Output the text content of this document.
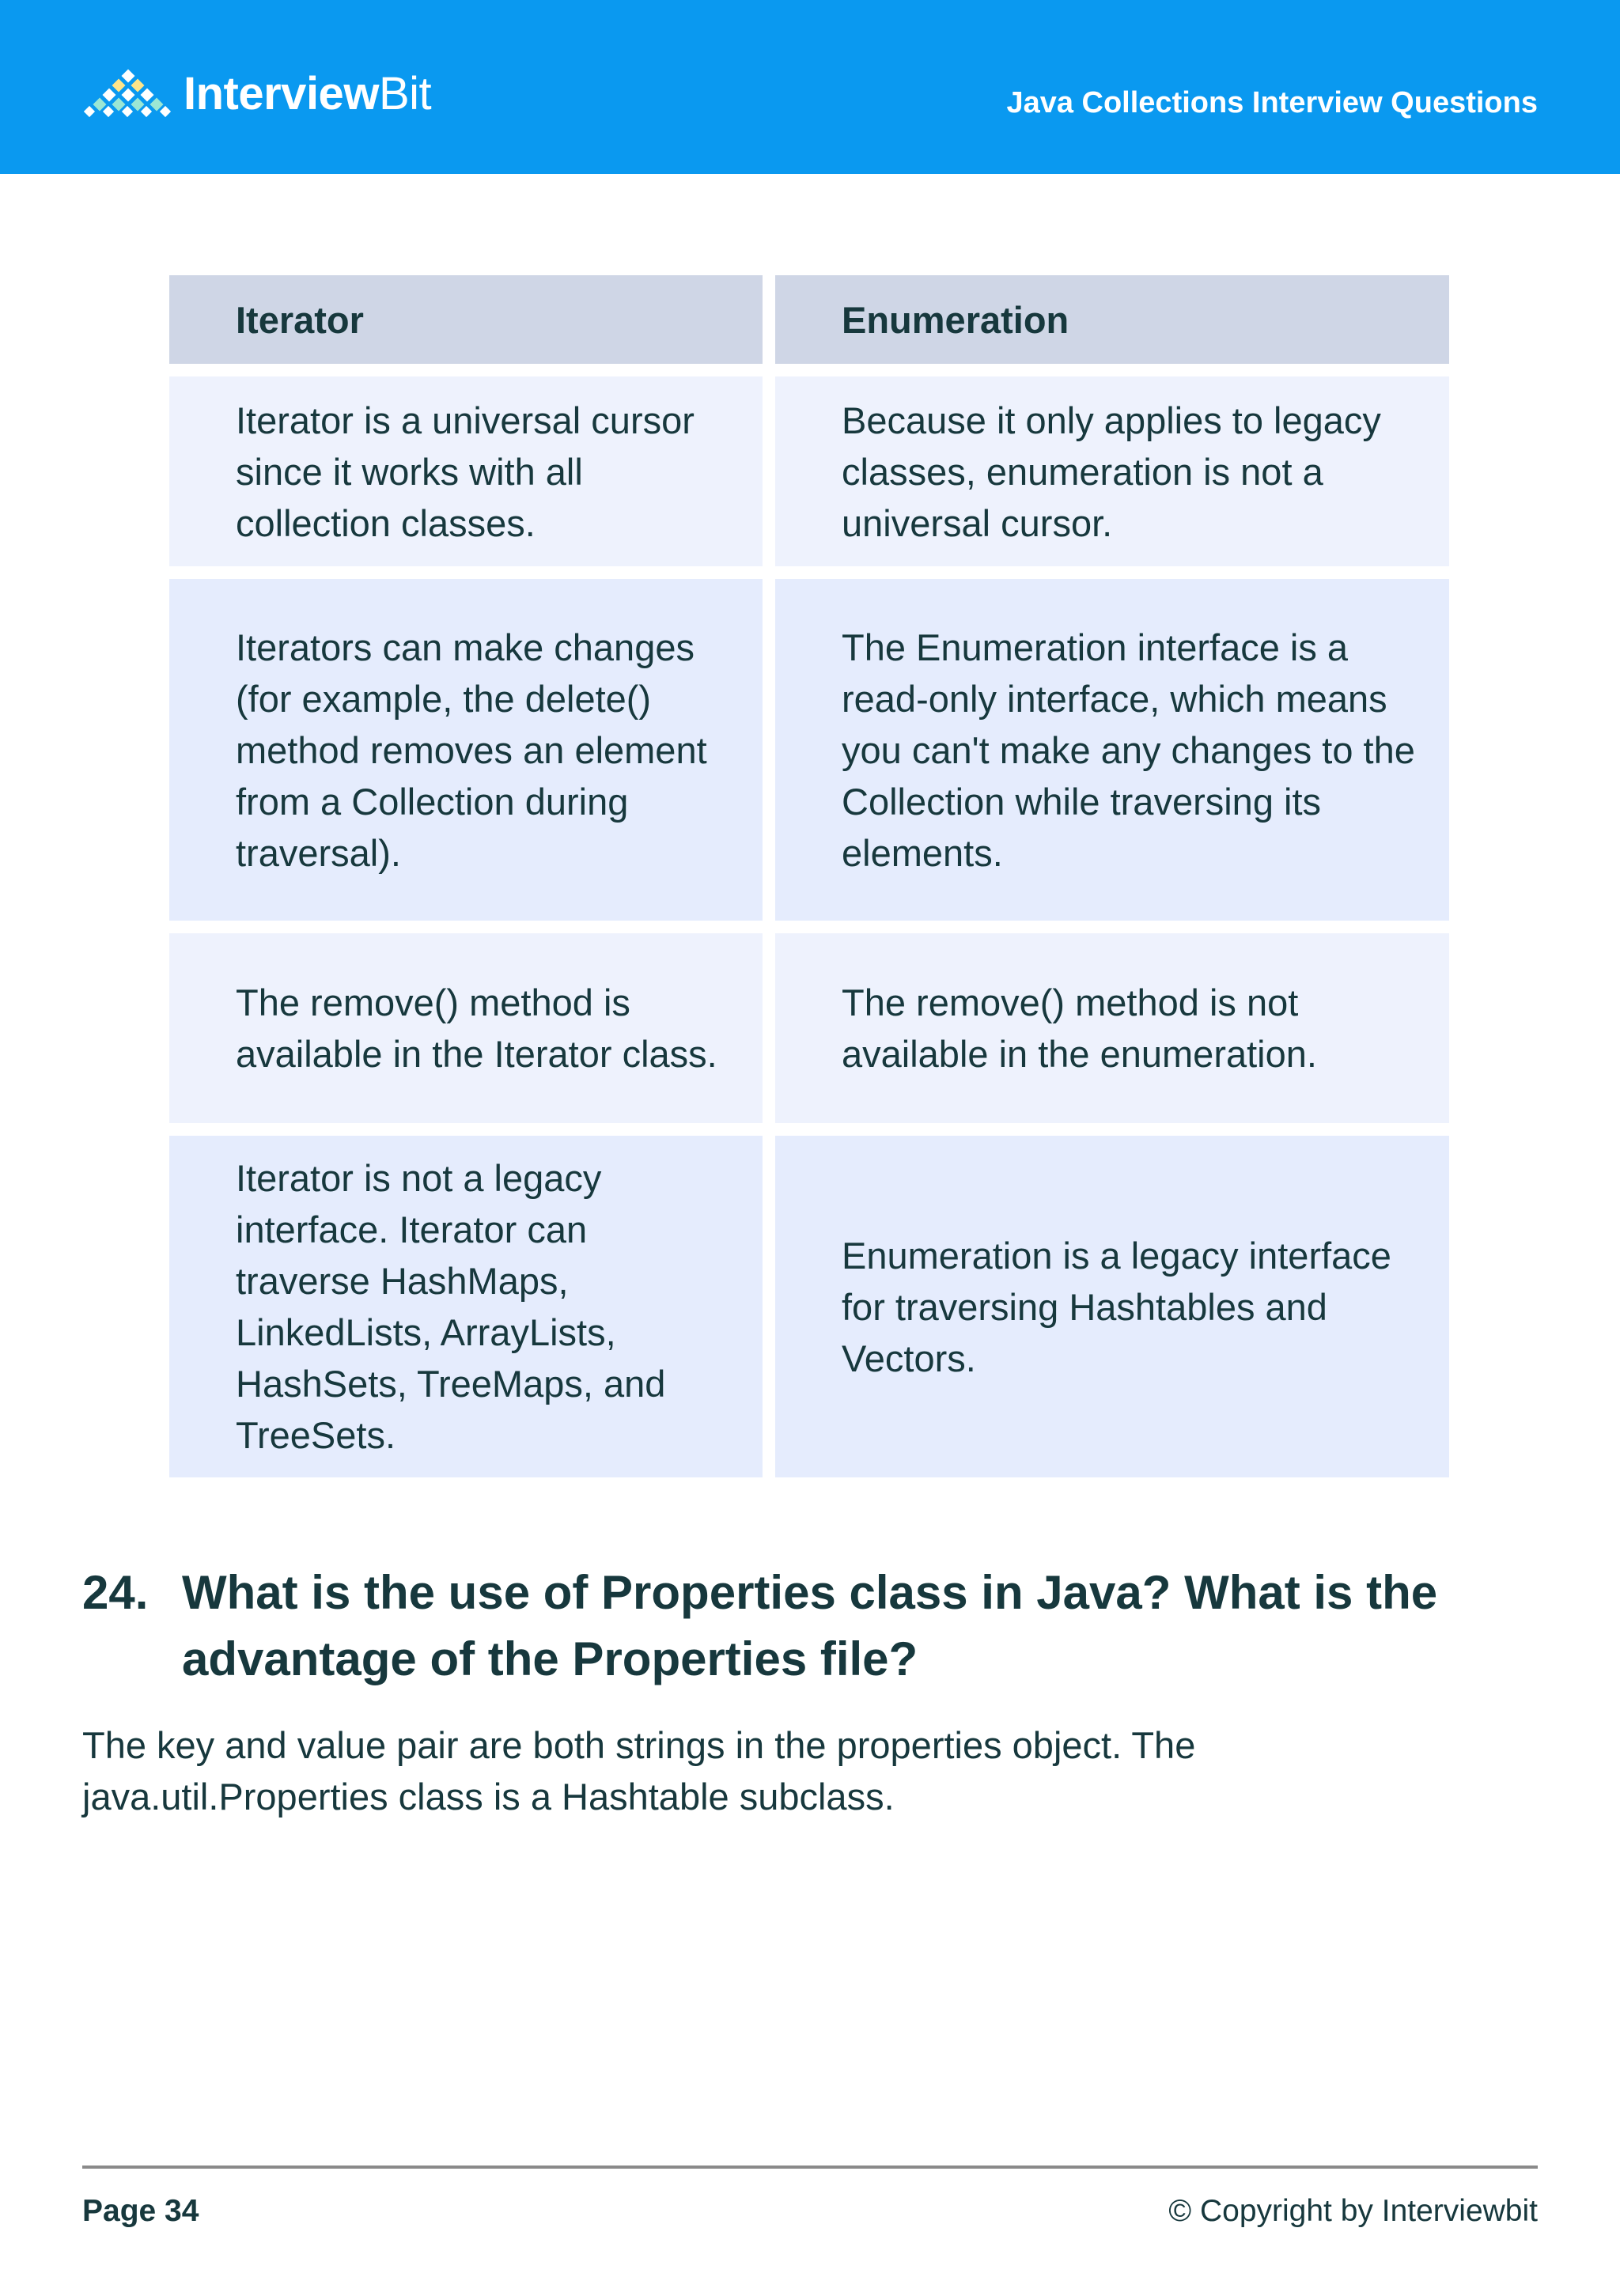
InterviewBit	Java Collections Interview Questions
Iterator	Enumeration
Iterator is a universal cursor since it works with all collection classes.	Because it only applies to legacy classes, enumeration is not a universal cursor.
Iterators can make changes (for example, the delete() method removes an element from a Collection during traversal).	The Enumeration interface is a read-only interface, which means you can't make any changes to the Collection while traversing its elements.
The remove() method is available in the Iterator class.	The remove() method is not available in the enumeration.
Iterator is not a legacy interface. Iterator can traverse HashMaps, LinkedLists, ArrayLists, HashSets, TreeMaps, and TreeSets.	Enumeration is a legacy interface for traversing Hashtables and Vectors.
24. What is the use of Properties class in Java? What is the advantage of the Properties file?

The key and value pair are both strings in the properties object. The java.util.Properties class is a Hashtable subclass.

Page 34	© Copyright by Interviewbit
